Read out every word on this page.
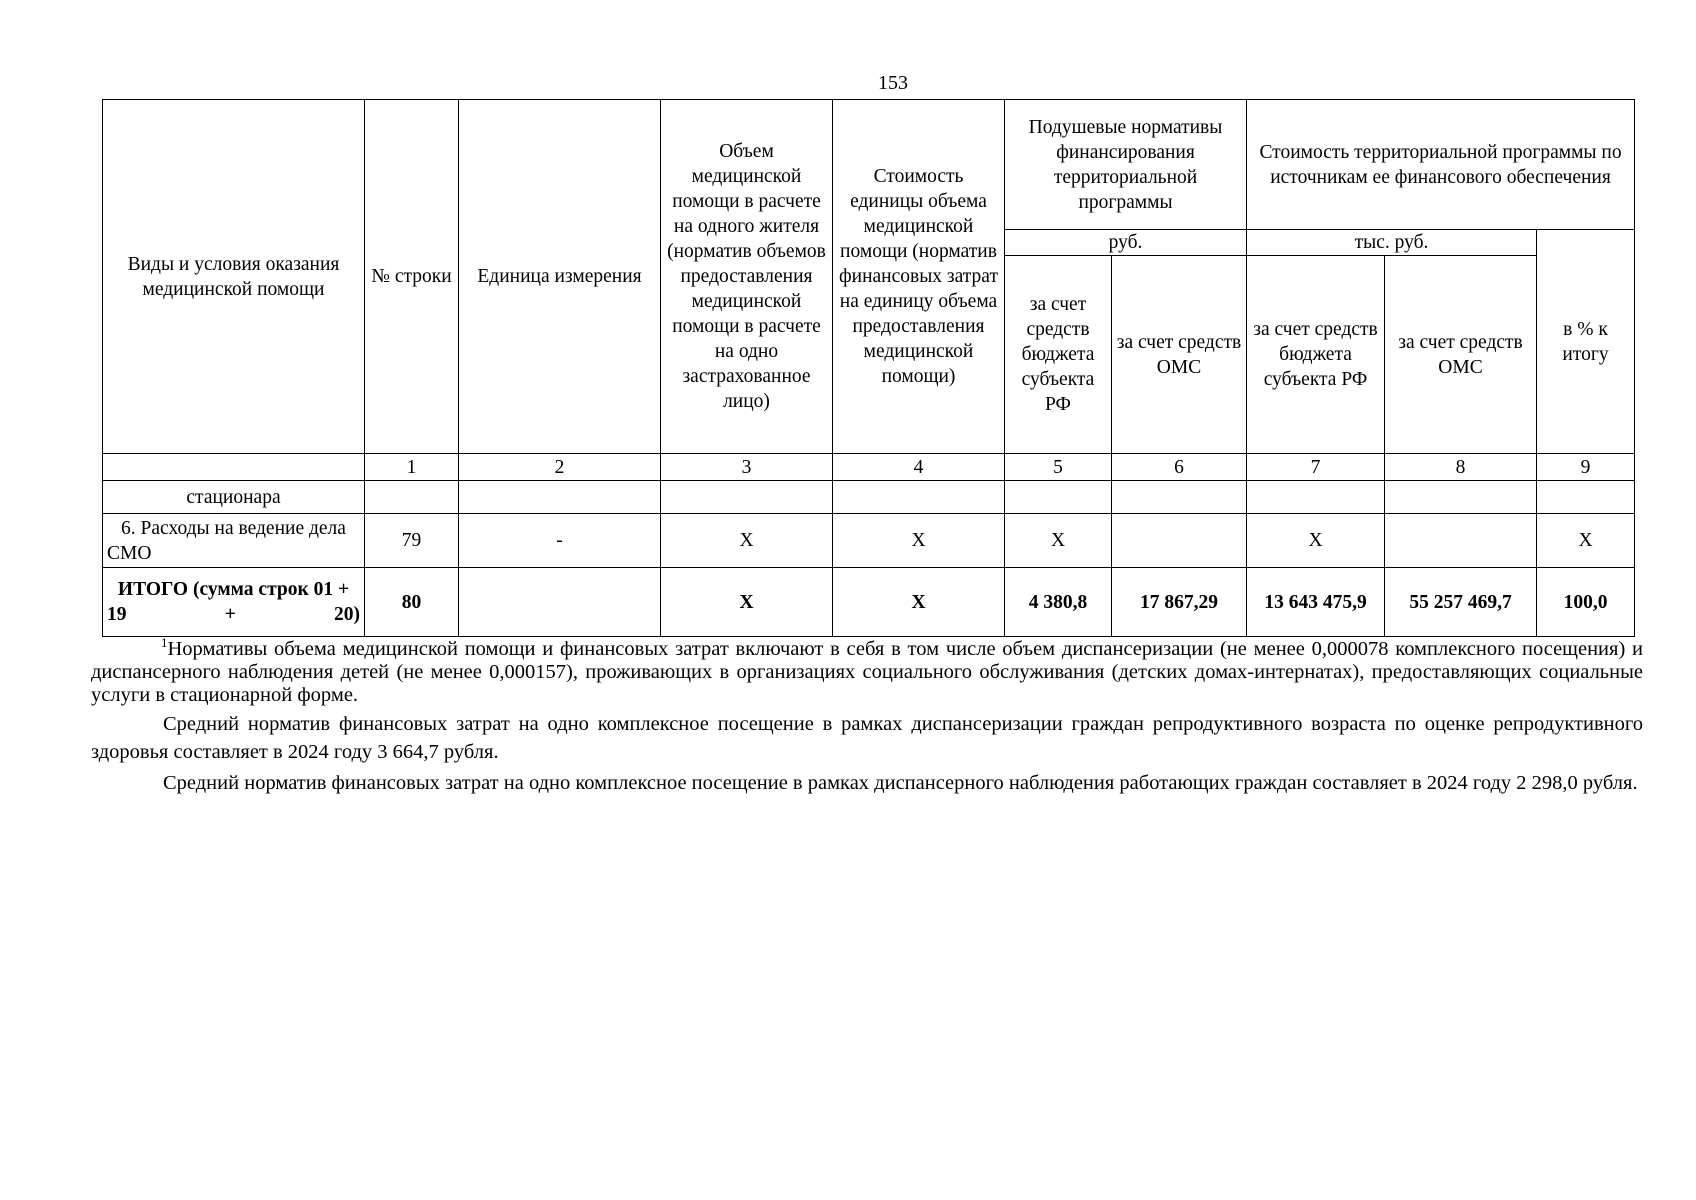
153
Виды и условия оказания медицинской помощи	№ строки	Единица измерения	Объем медицинской помощи в расчете на одного жителя (норматив объемов предоставления медицинской помощи в расчете на одно застрахованное лицо)	Стоимость единицы объема медицинской помощи (норматив финансовых затрат на единицу объема предоставления медицинской помощи)	Подушевые нормативы финансирования территориальной программы		Стоимость территориальной программы по источникам ее финансового обеспечения		
					руб.		тыс. руб.		в % к итогу
					за счет средств бюджета субъекта РФ	за счет средств ОМС	за счет средств бюджета субъекта РФ	за счет средств ОМС	
	1	2	3	4	5	6	7	8	9
стационара									
6. Расходы на ведение дела СМО	79	-	X	X	X		X		X
ИТОГО (сумма строк 01 + 19 + 20)	80		X	X	4 380,8	17 867,29	13 643 475,9	55 257 469,7	100,0
$^1$Нормативы объема медицинской помощи и финансовых затрат включают в себя в том числе объем диспансеризации (не менее 0,000078 комплексного посещения) и диспансерного наблюдения детей (не менее 0,000157), проживающих в организациях социального обслуживания (детских домах-интернатах), предоставляющих социальные услуги в стационарной форме.
Средний норматив финансовых затрат на одно комплексное посещение в рамках диспансеризации граждан репродуктивного возраста по оценке репродуктивного здоровья составляет в 2024 году 3 664,7 рубля.
Средний норматив финансовых затрат на одно комплексное посещение в рамках диспансерного наблюдения работающих граждан составляет в 2024 году 2 298,0 рубля.
